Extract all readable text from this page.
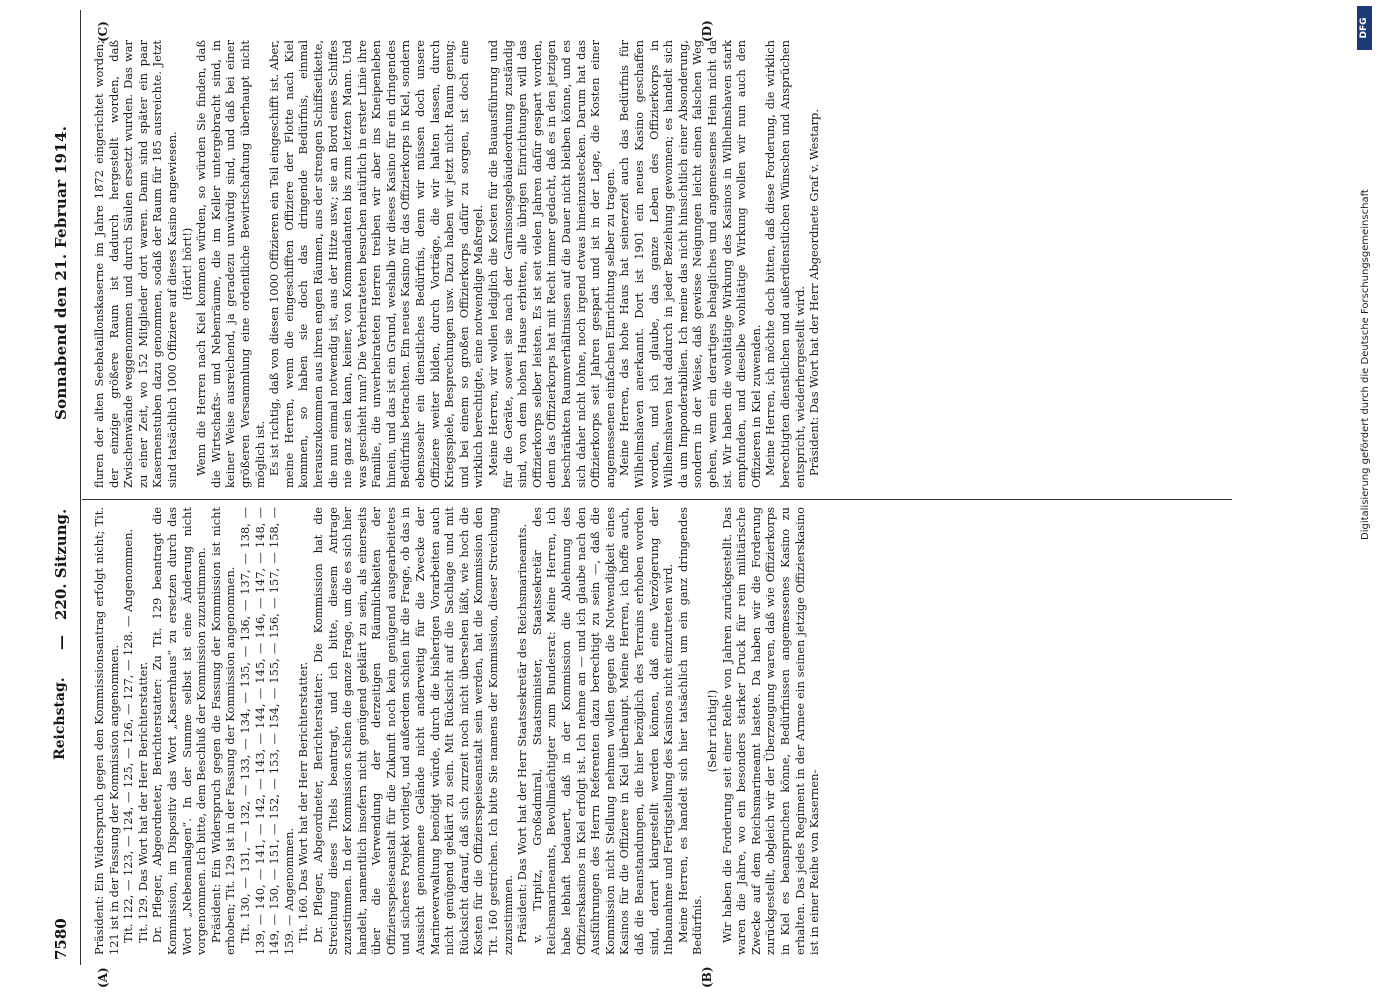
7580
Reichstag.
—
220. Sitzung.
Sonnabend den 21. Februar 1914.
(A)	(B)
(C)	(D)

Präsident: Ein Widerspruch gegen den Kommissionsantrag erfolgt nicht; Tit. 121 ist in der Fassung der Kommission angenommen. Tit. 122, — 123, — 124, — 125, — 126, — 127, — 128. — Angenommen. Tit. 129. Das Wort hat der Herr Berichterstatter. Dr. Pfleger, Abgeordneter, Berichterstatter: Zu Tit. 129 beantragt die Kommission, im Dispositiv das Wort „Kasernhaus“ zu ersetzen durch das Wort „Nebenanlagen“. In der Summe selbst ist eine Änderung nicht vorgenommen. Ich bitte, dem Beschluß der Kommission zuzustimmen. Präsident: Ein Widerspruch gegen die Fassung der Kommission ist nicht erhoben; Tit. 129 ist in der Fassung der Kommission angenommen. Tit. 130, — 131, — 132, — 133, — 134, — 135, — 136, — 137, — 138, — 139, — 140, — 141, — 142, — 143, — 144, — 145, — 146, — 147, — 148, — 149, — 150, — 151, — 152, — 153, — 154, — 155, — 156, — 157, — 158, — 159. — Angenommen. Tit. 160. Das Wort hat der Herr Berichterstatter. Dr. Pfleger, Abgeordneter, Berichterstatter: Die Kommission hat die Streichung dieses Titels beantragt, und ich bitte, diesem Antrage zuzustimmen. In der Kommission schien die ganze Frage, um die es sich hier handelt, namentlich insofern nicht genügend geklärt zu sein, als einerseits über die Verwendung der derzeitigen Räumlichkeiten der Offiziersspeiseanstalt für die Zukunft noch kein genügend ausgearbeitetes und sicheres Projekt vorliegt, und außerdem schien ihr die Frage, ob das in Aussicht genommene Gelände nicht anderweitig für die Zwecke der Marineverwaltung benötigt würde, durch die bisherigen Vorarbeiten auch nicht genügend geklärt zu sein. Mit Rücksicht auf die Sachlage und mit Rücksicht darauf, daß sich zurzeit noch nicht übersehen läßt, wie hoch die Kosten für die Offiziersspeiseanstalt sein werden, hat die Kommission den Tit. 160 gestrichen. Ich bitte Sie namens der Kommission, dieser Streichung zuzustimmen. Präsident: Das Wort hat der Herr Staatssekretär des Reichsmarineamts. v. Tirpitz, Großadmiral, Staatsminister, Staatssekretär des Reichsmarineamts, Bevollmächtigter zum Bundesrat: Meine Herren, ich habe lebhaft bedauert, daß in der Kommission die Ablehnung des Offizierskasinos in Kiel erfolgt ist. Ich nehme an — und ich glaube nach den Ausführungen des Herrn Referenten dazu berechtigt zu sein —, daß die Kommission nicht Stellung nehmen wollen gegen die Notwendigkeit eines Kasinos für die Offiziere in Kiel überhaupt. Meine Herren, ich hoffe auch, daß die Beanstandungen, die hier bezüglich des Terrains erhoben worden sind, derart klargestellt werden können, daß eine Verzögerung der Inbaunahme und Fertigstellung des Kasinos nicht einzutreten wird. Meine Herren, es handelt sich hier tatsächlich um ein ganz dringendes Bedürfnis.

(Sehr richtig!) Wir haben die Forderung seit einer Reihe von Jahren zurückgestellt. Das waren die Jahre, wo ein besonders starker Druck für rein militärische Zwecke auf dem Reichsmarineamt lastete. Da haben wir die Forderung zurückgestellt, obgleich wir der Überzeugung waren, daß wie Offizierkorps in Kiel es beanspruchen könne, Bedürfnissen angemessenes Kasino zu erhalten. Das jedes Regiment in der Armee ein seinen jetzige Offizierskasino ist in einer Reihe von Kasernen-

fluren der alten Seebataillonskaserne im Jahre 1872 eingerichtet worden; der einzige größere Raum ist dadurch hergestellt worden, daß Zwischenwände weggenommen und durch Säulen ersetzt wurden. Das war zu einer Zeit, wo 152 Mitglieder dort waren. Dann sind später ein paar Kasernenstuben dazu genommen, sodaß der Raum für 185 ausreichte. Jetzt sind tatsächlich 1000 Offiziere auf dieses Kasino angewiesen. (Hört! hört!) Wenn die Herren nach Kiel kommen würden, so würden Sie finden, daß die Wirtschafts- und Nebenräume, die im Keller untergebracht sind, in keiner Weise ausreichend, ja geradezu unwürdig sind, und daß bei einer größeren Versammlung eine ordentliche Bewirtschaftung überhaupt nicht möglich ist. Es ist richtig, daß von diesen 1000 Offizieren ein Teil eingeschifft ist. Aber, meine Herren, wenn die eingeschifften Offiziere der Flotte nach Kiel kommen, so haben sie doch das dringende Bedürfnis, einmal herauszukommen aus ihren engen Räumen, aus der strengen Schiffsetikette, die nun einmal notwendig ist, aus der Hitze usw.; sie an Bord eines Schiffes nie ganz sein kann, keiner, von Kommandanten bis zum letzten Mann. Und was geschieht nun? Die Verheirateten besuchen natürlich in erster Linie ihre Familie, die unverheirateten Herren treiben wir aber ins Kneipenleben hinein, und das ist ein Grund, weshalb wir dieses Kasino für ein dringendes Bedürfnis betrachten. Ein neues Kasino für das Offizierkorps in Kiel, sondern ebensosehr ein dienstliches Bedürfnis, denn wir müssen doch unsere Offiziere weiter bilden, durch Vorträge, die wir halten lassen, durch Kriegsspiele, Besprechungen usw. Dazu haben wir jetzt nicht Raum genug; und bei einem so großen Offizierkorps dafür zu sorgen, ist doch eine wirklich berechtigte, eine notwendige Maßregel. Meine Herren, wir wollen lediglich die Kosten für die Bauausführung und für die Geräte, soweit sie nach der Garnisonsgebäudeordnung zuständig sind, von dem hohen Hause erbitten, alle übrigen Einrichtungen will das Offizierkorps selber leisten. Es ist seit vielen Jahren dafür gespart worden, denn das Offizierkorps hat mit Recht immer gedacht, daß es in den jetzigen beschränkten Raumverhältnissen auf die Dauer nicht bleiben könne, und es sich daher nicht lohne, noch irgend etwas hineinzustecken. Darum hat das Offizierkorps seit Jahren gespart und ist in der Lage, die Kosten einer angemessenen einfachen Einrichtung selber zu tragen. Meine Herren, das hohe Haus hat seinerzeit auch das Bedürfnis für Wilhelmshaven anerkannt. Dort ist 1901 ein neues Kasino geschaffen worden, und ich glaube, das ganze Leben des Offizierkorps in Wilhelmshaven hat dadurch in jeder Beziehung gewonnen; es handelt sich da um Imponderabilien. Ich meine das nicht hinsichtlich einer Absonderung, sondern in der Weise, daß gewisse Neigungen leicht einen falschen Weg gehen, wenn ein derartiges behagliches und angemessenes Heim nicht da ist. Wir haben die wohltätige Wirkung des Kasinos in Wilhelmshaven stark empfunden, und dieselbe wohltätige Wirkung wollen wir nun auch den Offizieren in Kiel zuwenden. Meine Herren, ich möchte doch bitten, daß diese Forderung, die wirklich berechtigten dienstlichen und außerdienstlichen Wünschen und Ansprüchen entspricht, wiederhergestellt wird. Präsident: Das Wort hat der Herr Abgeordnete Graf v. Westarp.	Digitalisierung gefördert durch die Deutsche Forschungsgemeinschaft
DFG
